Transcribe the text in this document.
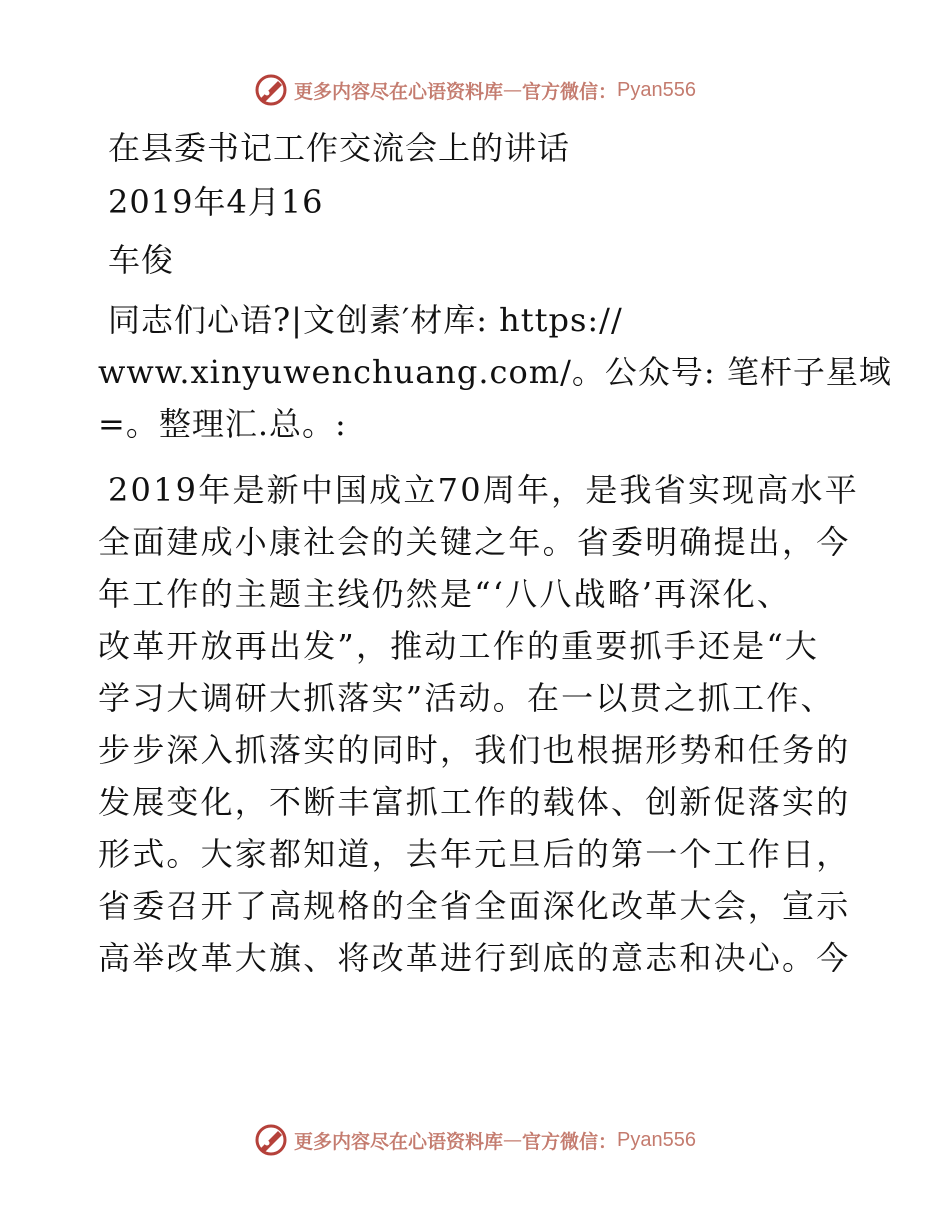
更多内容尽在心语资料库 — 官方微信： Pyan556
在县委书记工作交流会上的讲话
2019年4月16
车俊
同志们心语?|文创素′材库: https://
www.xinyuwenchuang.com/。公众号: 笔杆子星域
=。整理汇.总。:
2019年是新中国成立70周年，是我省实现高水平
全面建成小康社会的关键之年。省委明确提出，今
年工作的主题主线仍然是“‘八八战略’再深化、
改革开放再出发”，推动工作的重要抓手还是“大
学习大调研大抓落实”活动。在一以贯之抓工作、
步步深入抓落实的同时，我们也根据形势和任务的
发展变化，不断丰富抓工作的载体、创新促落实的
形式。大家都知道，去年元旦后的第一个工作日，
省委召开了高规格的全省全面深化改革大会，宣示
高举改革大旗、将改革进行到底的意志和决心。今
更多内容尽在心语资料库 — 官方微信： Pyan556
